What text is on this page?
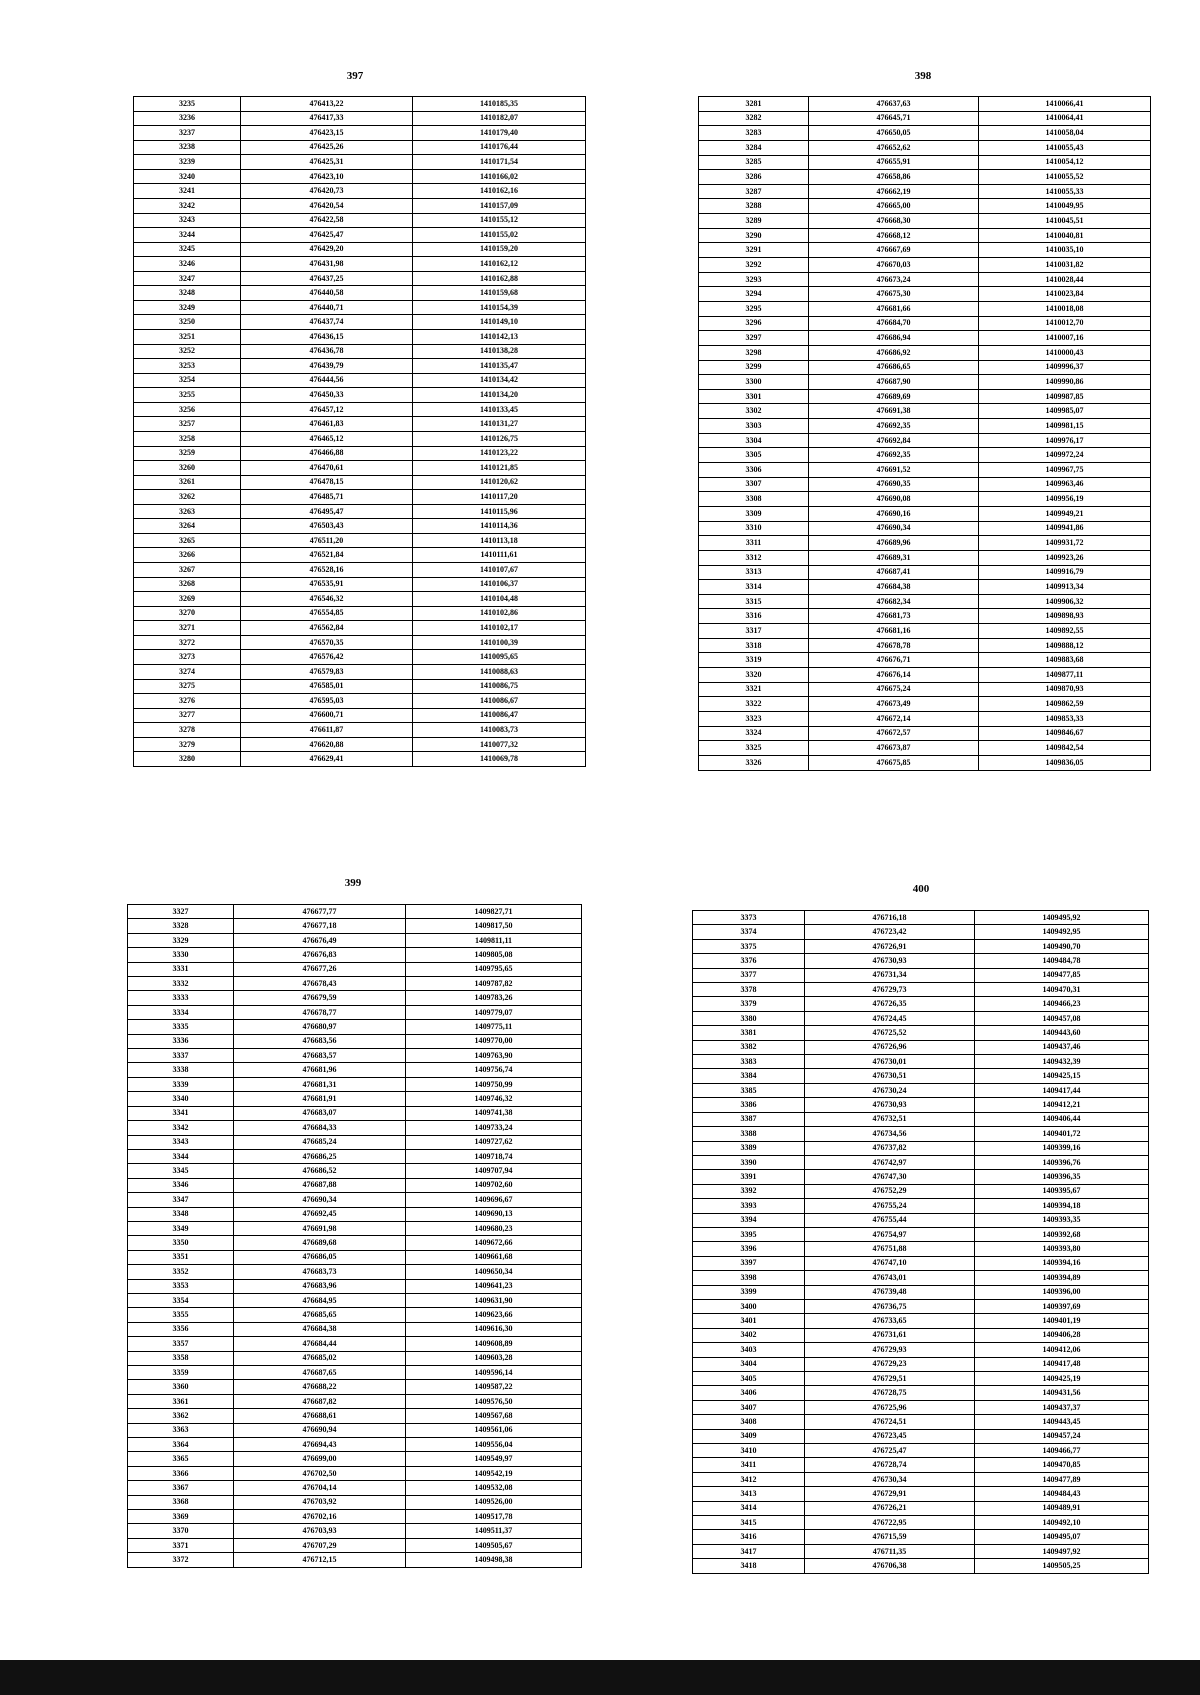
397
3235	476413,22	1410185,35
3236	476417,33	1410182,07
3237	476423,15	1410179,40
3238	476425,26	1410176,44
3239	476425,31	1410171,54
3240	476423,10	1410166,02
3241	476420,73	1410162,16
3242	476420,54	1410157,09
3243	476422,58	1410155,12
3244	476425,47	1410155,02
3245	476429,20	1410159,20
3246	476431,98	1410162,12
3247	476437,25	1410162,88
3248	476440,58	1410159,68
3249	476440,71	1410154,39
3250	476437,74	1410149,10
3251	476436,15	1410142,13
3252	476436,78	1410138,28
3253	476439,79	1410135,47
3254	476444,56	1410134,42
3255	476450,33	1410134,20
3256	476457,12	1410133,45
3257	476461,83	1410131,27
3258	476465,12	1410126,75
3259	476466,88	1410123,22
3260	476470,61	1410121,85
3261	476478,15	1410120,62
3262	476485,71	1410117,20
3263	476495,47	1410115,96
3264	476503,43	1410114,36
3265	476511,20	1410113,18
3266	476521,84	1410111,61
3267	476528,16	1410107,67
3268	476535,91	1410106,37
3269	476546,32	1410104,48
3270	476554,85	1410102,86
3271	476562,84	1410102,17
3272	476570,35	1410100,39
3273	476576,42	1410095,65
3274	476579,83	1410088,63
3275	476585,01	1410086,75
3276	476595,03	1410086,67
3277	476600,71	1410086,47
3278	476611,87	1410083,73
3279	476620,88	1410077,32
3280	476629,41	1410069,78
398
3281	476637,63	1410066,41
3282	476645,71	1410064,41
3283	476650,05	1410058,04
3284	476652,62	1410055,43
3285	476655,91	1410054,12
3286	476658,86	1410055,52
3287	476662,19	1410055,33
3288	476665,00	1410049,95
3289	476668,30	1410045,51
3290	476668,12	1410040,81
3291	476667,69	1410035,10
3292	476670,03	1410031,82
3293	476673,24	1410028,44
3294	476675,30	1410023,84
3295	476681,66	1410018,08
3296	476684,70	1410012,70
3297	476686,94	1410007,16
3298	476686,92	1410000,43
3299	476686,65	1409996,37
3300	476687,90	1409990,86
3301	476689,69	1409987,85
3302	476691,38	1409985,07
3303	476692,35	1409981,15
3304	476692,84	1409976,17
3305	476692,35	1409972,24
3306	476691,52	1409967,75
3307	476690,35	1409963,46
3308	476690,08	1409956,19
3309	476690,16	1409949,21
3310	476690,34	1409941,86
3311	476689,96	1409931,72
3312	476689,31	1409923,26
3313	476687,41	1409916,79
3314	476684,38	1409913,34
3315	476682,34	1409906,32
3316	476681,73	1409898,93
3317	476681,16	1409892,55
3318	476678,78	1409888,12
3319	476676,71	1409883,68
3320	476676,14	1409877,11
3321	476675,24	1409870,93
3322	476673,49	1409862,59
3323	476672,14	1409853,33
3324	476672,57	1409846,67
3325	476673,87	1409842,54
3326	476675,85	1409836,05
399
3327	476677,77	1409827,71
3328	476677,18	1409817,50
3329	476676,49	1409811,11
3330	476676,83	1409805,08
3331	476677,26	1409795,65
3332	476678,43	1409787,82
3333	476679,59	1409783,26
3334	476678,77	1409779,07
3335	476680,97	1409775,11
3336	476683,56	1409770,00
3337	476683,57	1409763,90
3338	476681,96	1409756,74
3339	476681,31	1409750,99
3340	476681,91	1409746,32
3341	476683,07	1409741,38
3342	476684,33	1409733,24
3343	476685,24	1409727,62
3344	476686,25	1409718,74
3345	476686,52	1409707,94
3346	476687,88	1409702,60
3347	476690,34	1409696,67
3348	476692,45	1409690,13
3349	476691,98	1409680,23
3350	476689,68	1409672,66
3351	476686,05	1409661,68
3352	476683,73	1409650,34
3353	476683,96	1409641,23
3354	476684,95	1409631,90
3355	476685,65	1409623,66
3356	476684,38	1409616,30
3357	476684,44	1409608,89
3358	476685,02	1409603,28
3359	476687,65	1409596,14
3360	476688,22	1409587,22
3361	476687,82	1409576,50
3362	476688,61	1409567,68
3363	476690,94	1409561,06
3364	476694,43	1409556,04
3365	476699,00	1409549,97
3366	476702,50	1409542,19
3367	476704,14	1409532,08
3368	476703,92	1409526,00
3369	476702,16	1409517,78
3370	476703,93	1409511,37
3371	476707,29	1409505,67
3372	476712,15	1409498,38
400
3373	476716,18	1409495,92
3374	476723,42	1409492,95
3375	476726,91	1409490,70
3376	476730,93	1409484,78
3377	476731,34	1409477,85
3378	476729,73	1409470,31
3379	476726,35	1409466,23
3380	476724,45	1409457,08
3381	476725,52	1409443,60
3382	476726,96	1409437,46
3383	476730,01	1409432,39
3384	476730,51	1409425,15
3385	476730,24	1409417,44
3386	476730,93	1409412,21
3387	476732,51	1409406,44
3388	476734,56	1409401,72
3389	476737,82	1409399,16
3390	476742,97	1409396,76
3391	476747,30	1409396,35
3392	476752,29	1409395,67
3393	476755,24	1409394,18
3394	476755,44	1409393,35
3395	476754,97	1409392,68
3396	476751,88	1409393,80
3397	476747,10	1409394,16
3398	476743,01	1409394,89
3399	476739,48	1409396,00
3400	476736,75	1409397,69
3401	476733,65	1409401,19
3402	476731,61	1409406,28
3403	476729,93	1409412,06
3404	476729,23	1409417,48
3405	476729,51	1409425,19
3406	476728,75	1409431,56
3407	476725,96	1409437,37
3408	476724,51	1409443,45
3409	476723,45	1409457,24
3410	476725,47	1409466,77
3411	476728,74	1409470,85
3412	476730,34	1409477,89
3413	476729,91	1409484,43
3414	476726,21	1409489,91
3415	476722,95	1409492,10
3416	476715,59	1409495,07
3417	476711,35	1409497,92
3418	476706,38	1409505,25
